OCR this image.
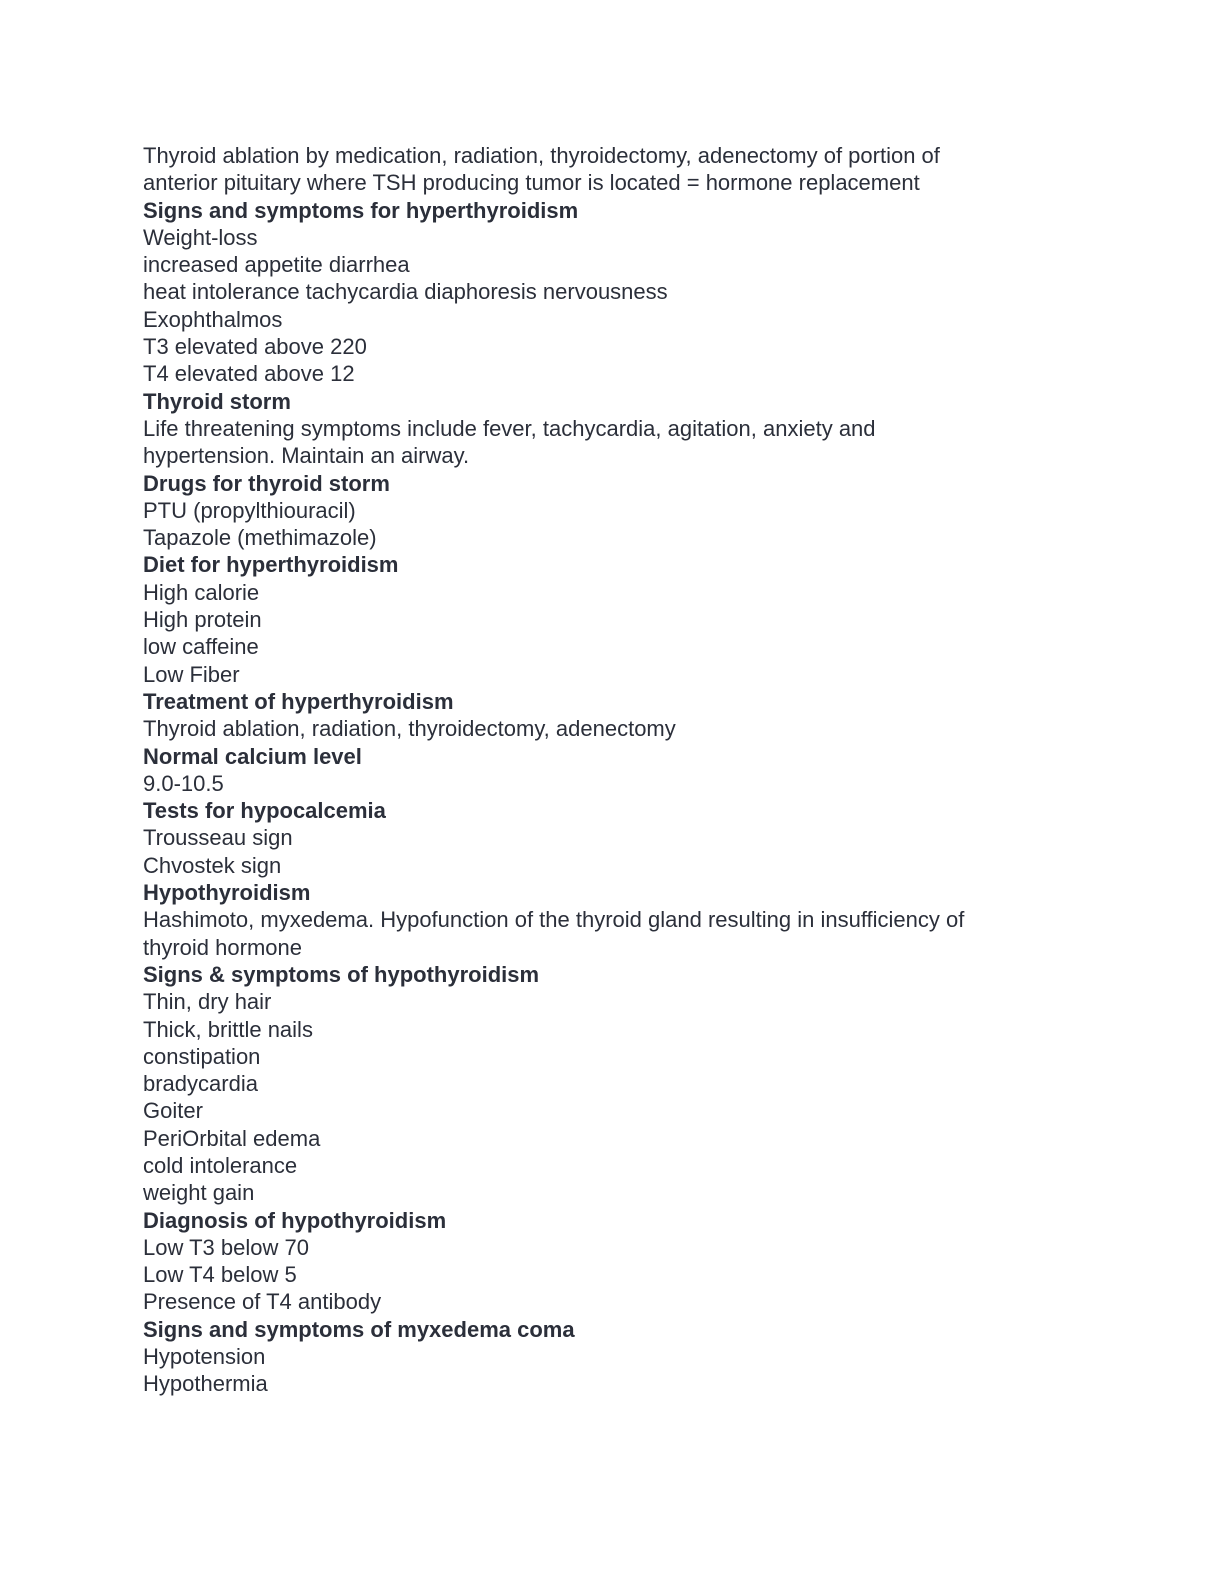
Thyroid ablation by medication, radiation, thyroidectomy, adenectomy of portion of

anterior pituitary where TSH producing tumor is located = hormone replacement

Signs and symptoms for hyperthyroidism

Weight-loss

increased appetite diarrhea

heat intolerance tachycardia diaphoresis nervousness

Exophthalmos

T3 elevated above 220

T4 elevated above 12

Thyroid storm

Life threatening symptoms include fever, tachycardia, agitation, anxiety and

hypertension. Maintain an airway.

Drugs for thyroid storm

PTU (propylthiouracil)

Tapazole (methimazole)

Diet for hyperthyroidism

High calorie

High protein

low caffeine

Low Fiber

Treatment of hyperthyroidism

Thyroid ablation, radiation, thyroidectomy, adenectomy

Normal calcium level

9.0-10.5

Tests for hypocalcemia

Trousseau sign

Chvostek sign

Hypothyroidism

Hashimoto, myxedema. Hypofunction of the thyroid gland resulting in insufficiency of

thyroid hormone

Signs & symptoms of hypothyroidism

Thin, dry hair

Thick, brittle nails

constipation

bradycardia

Goiter

PeriOrbital edema

cold intolerance

weight gain

Diagnosis of hypothyroidism

Low T3 below 70

Low T4 below 5

Presence of T4 antibody

Signs and symptoms of myxedema coma

Hypotension

Hypothermia
